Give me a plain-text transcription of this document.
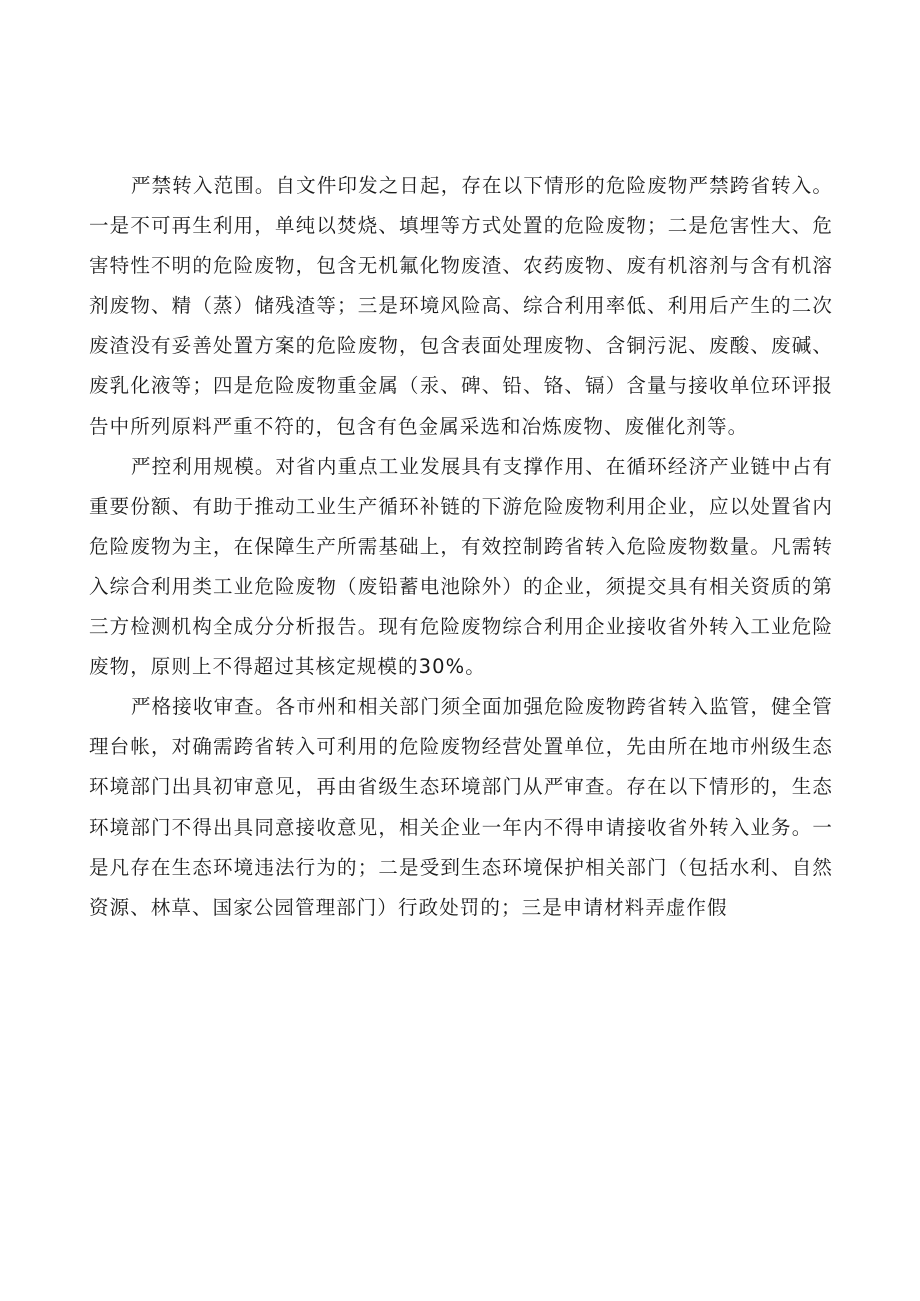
严禁转入范围。自文件印发之日起，存在以下情形的危险废物严禁跨省转入。一是不可再生利用，单纯以焚烧、填埋等方式处置的危险废物；二是危害性大、危害特性不明的危险废物，包含无机氟化物废渣、农药废物、废有机溶剂与含有机溶剂废物、精（蒸）储残渣等；三是环境风险高、综合利用率低、利用后产生的二次废渣没有妥善处置方案的危险废物，包含表面处理废物、含铜污泥、废酸、废碱、废乳化液等；四是危险废物重金属（汞、碑、铅、铬、镉）含量与接收单位环评报告中所列原料严重不符的，包含有色金属采选和冶炼废物、废催化剂等。

严控利用规模。对省内重点工业发展具有支撑作用、在循环经济产业链中占有重要份额、有助于推动工业生产循环补链的下游危险废物利用企业，应以处置省内危险废物为主，在保障生产所需基础上，有效控制跨省转入危险废物数量。凡需转入综合利用类工业危险废物（废铅蓄电池除外）的企业，须提交具有相关资质的第三方检测机构全成分分析报告。现有危险废物综合利用企业接收省外转入工业危险废物，原则上不得超过其核定规模的30%。

严格接收审查。各市州和相关部门须全面加强危险废物跨省转入监管，健全管理台帐，对确需跨省转入可利用的危险废物经营处置单位，先由所在地市州级生态环境部门出具初审意见，再由省级生态环境部门从严审查。存在以下情形的，生态环境部门不得出具同意接收意见，相关企业一年内不得申请接收省外转入业务。一是凡存在生态环境违法行为的；二是受到生态环境保护相关部门（包括水利、自然资源、林草、国家公园管理部门）行政处罚的；三是申请材料弄虚作假
